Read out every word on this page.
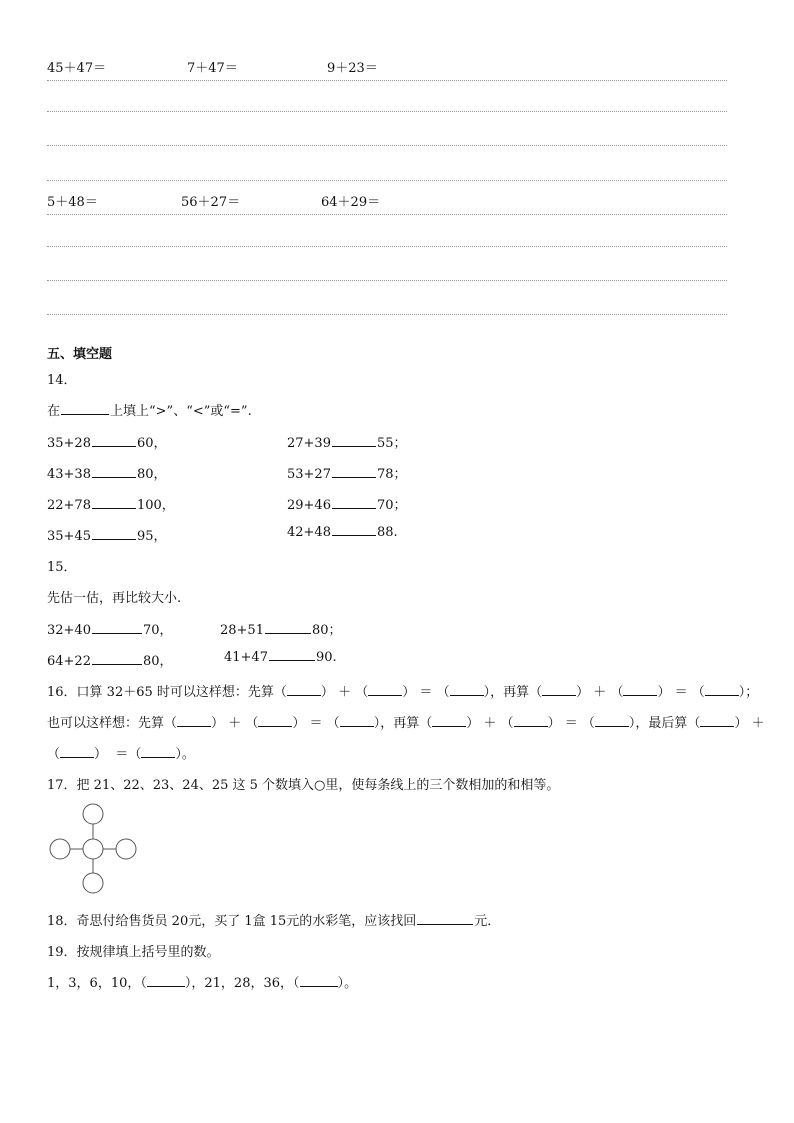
45＋47＝	7＋47＝	9＋23＝
5＋48＝	56＋27＝	64＋29＝
五、填空题
14．
在	上填上“>”、“<”或“=”.
35+28	60，	27+39	55；
43+38	80，	53+27	78；
22+78	100，	29+46	70；
35+45	95，	42+48	88.
15．
先估一估，再比较大小.
32+40	70，	28+51	80；
64+22	80，	41+47	90.
16．口算 32＋65 时可以这样想：先算（	） ＋ （	） ＝ （	），再算（	） ＋ （	） ＝ （	）；
也可以这样想：先算（	） ＋ （	） ＝ （	），再算（	） ＋ （	） ＝ （	），最后算（	） ＋
（	） ＝（	）。
17．把 21、22、23、24、25 这 5 个数填入○里，使每条线上的三个数相加的和相等。
18．奇思付给售货员 20元，买了 1盒 15元的水彩笔，应该找回	元．
19．按规律填上括号里的数。
1，3，6，10，（	），21，28，36，（	）。
